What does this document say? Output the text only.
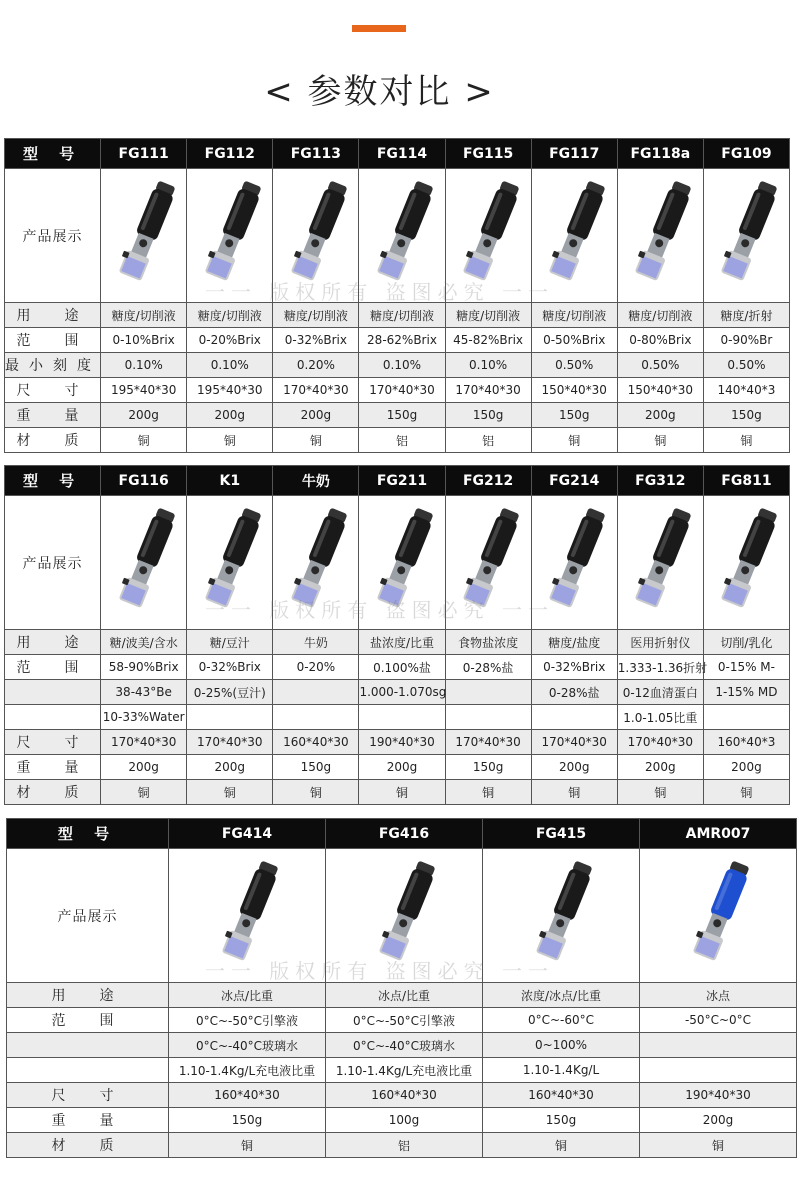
< 参数对比 >
型 号	FG111	FG112	FG113	FG114	FG115	FG117	FG118a	FG109
产品展示	

用　途	糖度/切削液	糖度/切削液	糖度/切削液	糖度/切削液	糖度/切削液	糖度/切削液	糖度/切削液	糖度/折射
范　围	0-10%Brix	0-20%Brix	0-32%Brix	28-62%Brix	45-82%Brix	0-50%Brix	0-80%Brix	0-90%Br
最小刻度	0.10%	0.10%	0.20%	0.10%	0.10%	0.50%	0.50%	0.50%
尺　寸	195*40*30	195*40*30	170*40*30	170*40*30	170*40*30	150*40*30	150*40*30	140*40*3
重　量	200g	200g	200g	150g	150g	150g	200g	150g
材　质	铜	铜	铜	铝	铝	铜	铜	铜
型 号	FG116	K1	牛奶	FG211	FG212	FG214	FG312	FG811
产品展示	

用　途	糖/波美/含水	糖/豆汁	牛奶	盐浓度/比重	食物盐浓度	糖度/盐度	医用折射仪	切削/乳化
范　围	58-90%Brix	0-32%Brix	0-20%	0.100%盐	0-28%盐	0-32%Brix	1.333-1.36折射	0-15% M-
	38-43°Be	0-25%(豆汁)		1.000-1.070sg		0-28%盐	0-12血清蛋白	1-15% MD
	10-33%Water						1.0-1.05比重	
尺　寸	170*40*30	170*40*30	160*40*30	190*40*30	170*40*30	170*40*30	170*40*30	160*40*3
重　量	200g	200g	150g	200g	150g	200g	200g	200g
材　质	铜	铜	铜	铜	铜	铜	铜	铜
型 号	FG414	FG416	FG415	AMR007
产品展示	

用　途	冰点/比重	冰点/比重	浓度/冰点/比重	冰点
范　围	0°C~-50°C引擎液	0°C~-50°C引擎液	0°C~-60°C	-50°C~0°C
	0°C~-40°C玻璃水	0°C~-40°C玻璃水	0~100%	
	1.10-1.4Kg/L充电液比重	1.10-1.4Kg/L充电液比重	1.10-1.4Kg/L	
尺　寸	160*40*30	160*40*30	160*40*30	190*40*30
重　量	150g	100g	150g	200g
材　质	铜	铝	铜	铜
一一 版权所有 盗图必究 一一
一一 版权所有 盗图必究 一一
一一 版权所有 盗图必究 一一
